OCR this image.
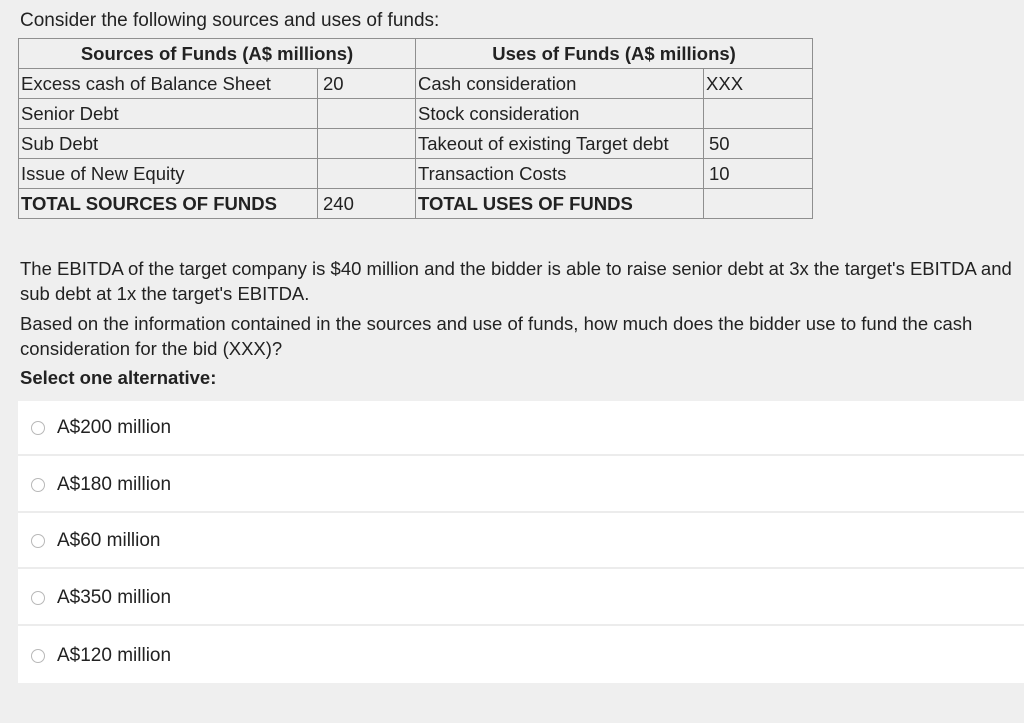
Consider the following sources and uses of funds:
Sources of Funds (A$ millions)		Uses of Funds (A$ millions)	
Excess cash of Balance Sheet	20	Cash consideration	XXX
Senior Debt		Stock consideration	
Sub Debt		Takeout of existing Target debt	50
Issue of New Equity		Transaction Costs	10
TOTAL SOURCES OF FUNDS	240	TOTAL USES OF FUNDS	

The EBITDA of the target company is $40 million and the bidder is able to raise senior debt at 3x the target's EBITDA and sub debt at 1x the target's EBITDA.

Based on the information contained in the sources and use of funds, how much does the bidder use to fund the cash consideration for the bid (XXX)?

Select one alternative:

A$200 million
A$180 million
A$60 million
A$350 million
A$120 million
